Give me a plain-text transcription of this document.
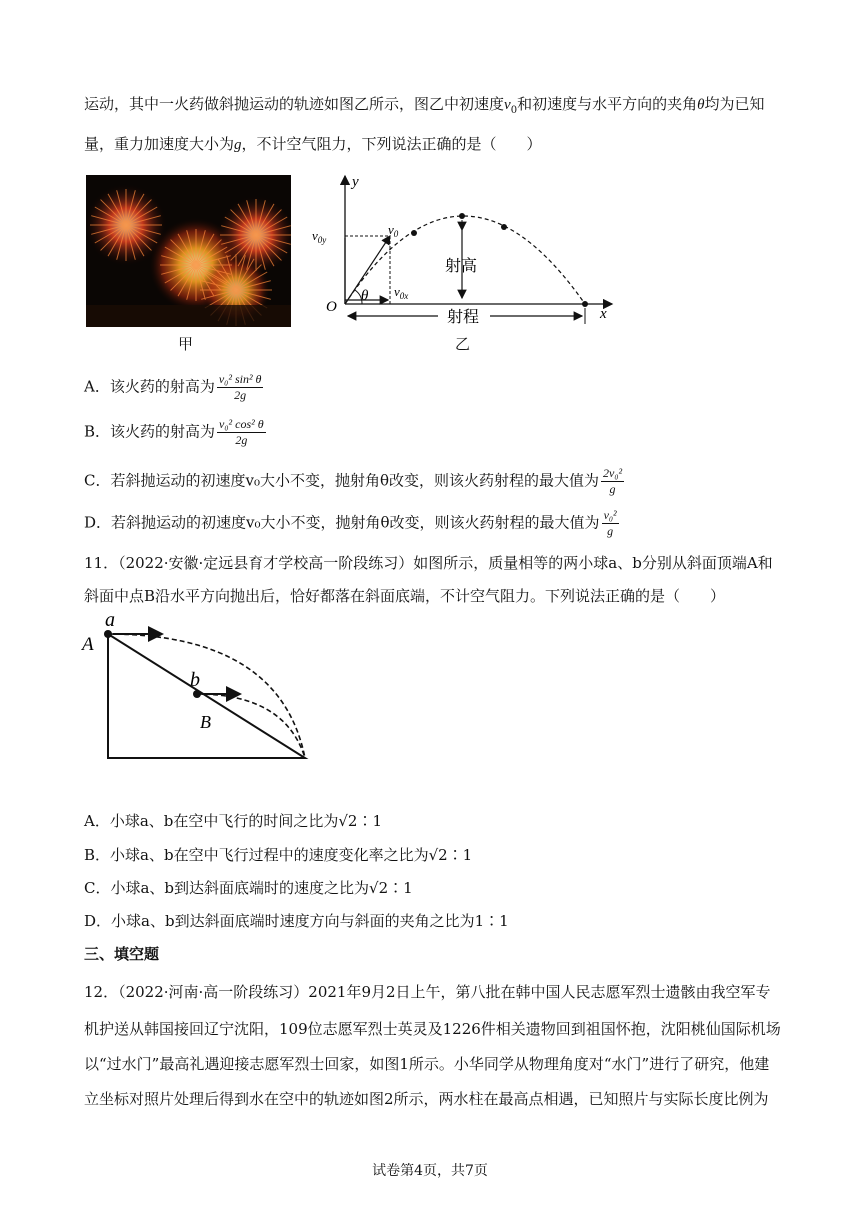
运动，其中一火药做斜抛运动的轨迹如图乙所示，图乙中初速度$v_0$和初速度与水平方向的夹角θ均为已知
量，重力加速度大小为g，不计空气阻力，下列说法正确的是（　　）
甲
y
x
O
θ
$v_0$
$v_{0y}$
$v_{0x}$
射高
射程
乙
A．该火药的射高为 $\frac{\text{v₀² sin² θ}}{2g}$
B．该火药的射高为 $\frac{\text{v₀² cos² θ}}{2g}$
C．若斜抛运动的初速度v₀大小不变，抛射角θ改变，则该火药射程的最大值为 $\frac{\text{2v₀²}}{g}$
D．若斜抛运动的初速度v₀大小不变，抛射角θ改变，则该火药射程的最大值为 $\frac{\text{v₀²}}{g}$
11．（2022·安徽·定远县育才学校高一阶段练习）如图所示，质量相等的两小球a、b分别从斜面顶端A和
斜面中点B沿水平方向抛出后，恰好都落在斜面底端，不计空气阻力。下列说法正确的是（　　）
a
A
b
B
A．小球a、b在空中飞行的时间之比为√2∶1
B．小球a、b在空中飞行过程中的速度变化率之比为√2∶1
C．小球a、b到达斜面底端时的速度之比为√2∶1
D．小球a、b到达斜面底端时速度方向与斜面的夹角之比为1∶1
三、填空题
12．（2022·河南·高一阶段练习）2021年9月2日上午，第八批在韩中国人民志愿军烈士遗骸由我空军专
机护送从韩国接回辽宁沈阳，109位志愿军烈士英灵及1226件相关遗物回到祖国怀抱，沈阳桃仙国际机场
以“过水门”最高礼遇迎接志愿军烈士回家，如图1所示。小华同学从物理角度对“水门”进行了研究，他建
立坐标对照片处理后得到水在空中的轨迹如图2所示，两水柱在最高点相遇，已知照片与实际长度比例为
试卷第4页，共7页
